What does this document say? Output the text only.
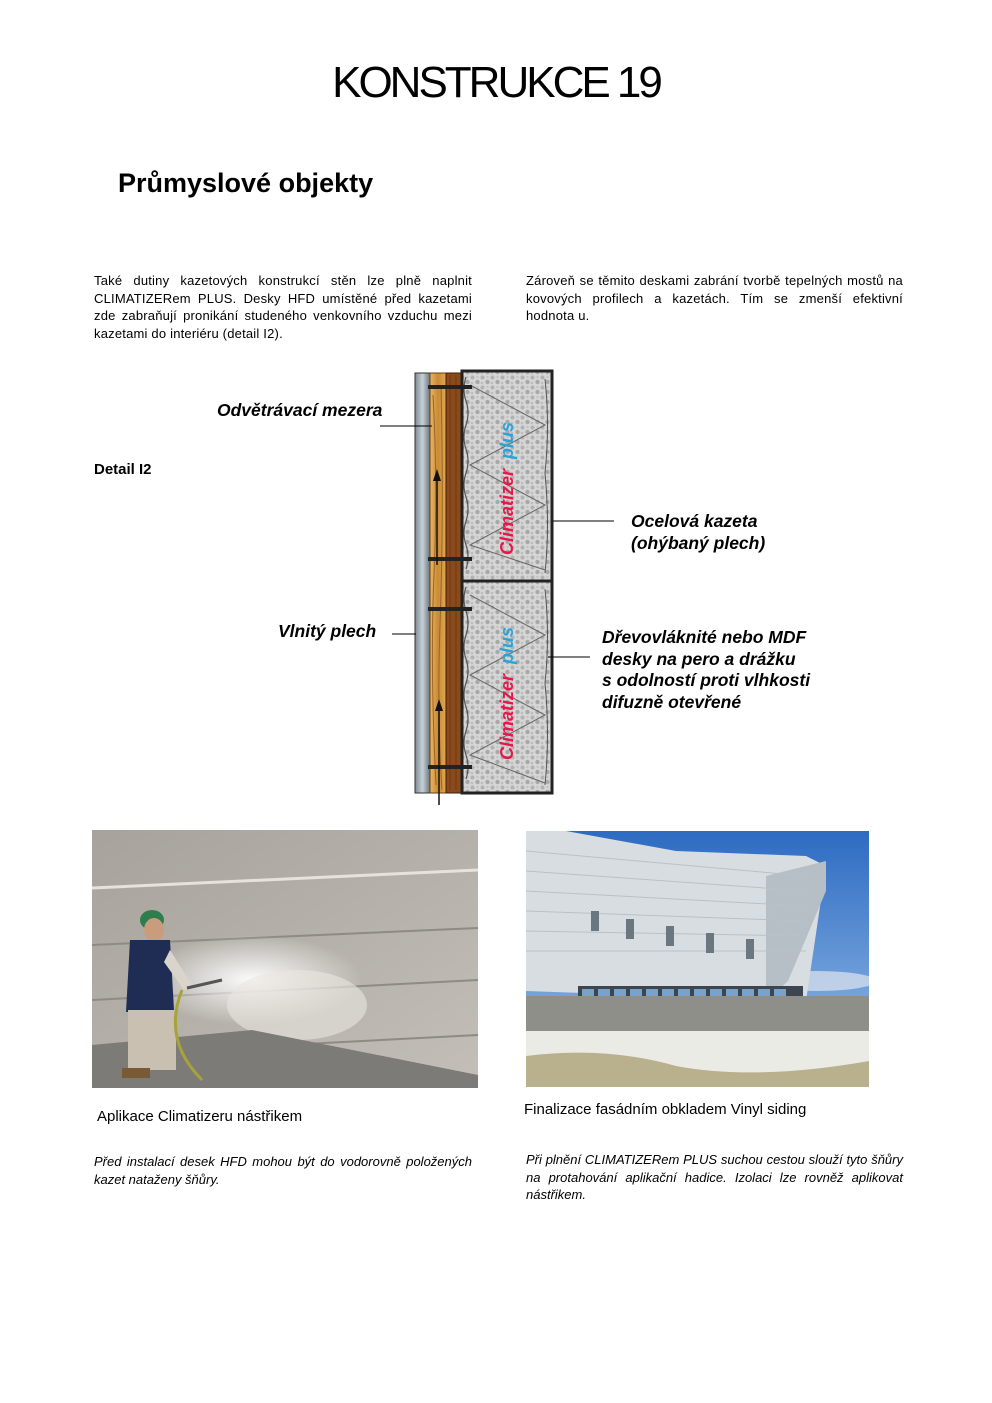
KONSTRUKCE 19
Průmyslové objekty
Také dutiny kazetových konstrukcí stěn lze plně naplnit CLIMATIZERem PLUS. Desky HFD umístěné před kazetami zde zabraňují pronikání studeného venkovního vzduchu mezi kazetami do interiéru (detail I2).
Zároveň se těmito deskami zabrání tvorbě tepelných mostů na kovových profilech a kazetách. Tím se zmenší efektivní hodnota u.
Detail I2	Climatizer
plus
Climatizer
plus
Odvětrávací mezera
Vlnitý plech
Ocelová kazeta
(ohýbaný plech)
Dřevovláknité nebo MDF
desky na pero a drážku
s odolností proti vlhkosti
difuzně otevřené
Aplikace Climatizeru nástřikem	Finalizace fasádním obkladem Vinyl siding
Před instalací desek HFD mohou být do vodorovně položených kazet nataženy šňůry.
Při plnění CLIMATIZERem PLUS suchou cestou slouží tyto šňůry na protahování aplikační hadice. Izolaci lze rovněž aplikovat nástřikem.
